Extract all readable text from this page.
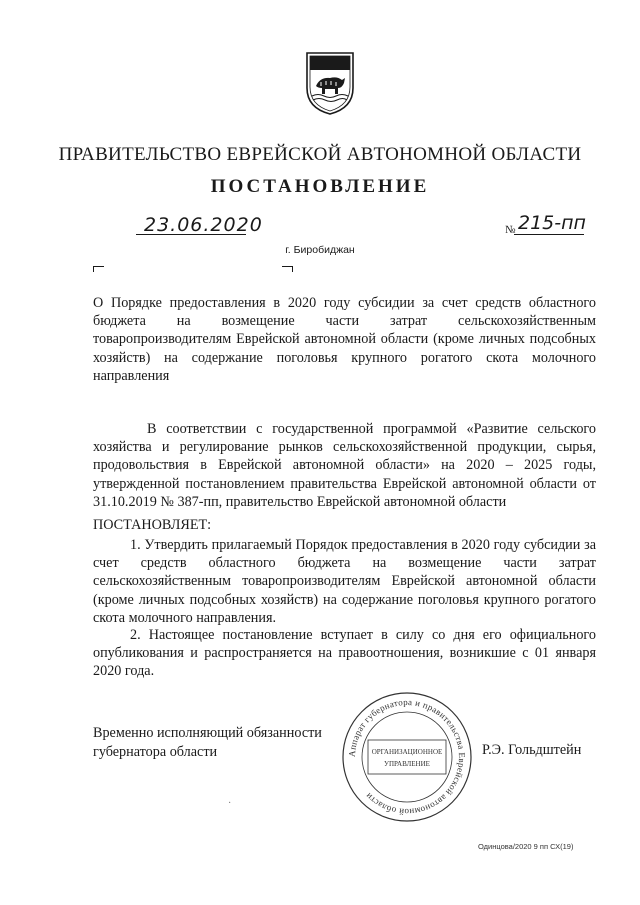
ПРАВИТЕЛЬСТВО ЕВРЕЙСКОЙ АВТОНОМНОЙ ОБЛАСТИ
ПОСТАНОВЛЕНИЕ
23.06.2020	№ 215-пп
г. Биробиджан
О Порядке предоставления в 2020 году субсидии за счет средств областного бюджета на возмещение части затрат сельскохозяйственным товаропроизводителям Еврейской автономной области (кроме личных подсобных хозяйств) на содержание поголовья крупного рогатого скота молочного направления
В соответствии с государственной программой «Развитие сельского хозяйства и регулирование рынков сельскохозяйственной продукции, сырья, продовольствия в Еврейской автономной области» на 2020 – 2025 годы, утвержденной постановлением правительства Еврейской автономной области от 31.10.2019 № 387-пп, правительство Еврейской автономной области
ПОСТАНОВЛЯЕТ:
1. Утвердить прилагаемый Порядок предоставления в 2020 году субсидии за счет средств областного бюджета на возмещение части затрат сельскохозяйственным товаропроизводителям Еврейской автономной области (кроме личных подсобных хозяйств) на содержание поголовья крупного рогатого скота молочного направления.
2. Настоящее постановление вступает в силу со дня его официального опубликования и распространяется на правоотношения, возникшие с 01 января 2020 года.
Временно исполняющий обязанности
губернатора области	Аппарат губернатора и правительства Еврейской автономной области
ОРГАНИЗАЦИОННОЕ
УПРАВЛЕНИЕ
Р.Э. Гольдштейн
·
Одинцова/2020 9 пп СХ(19)
